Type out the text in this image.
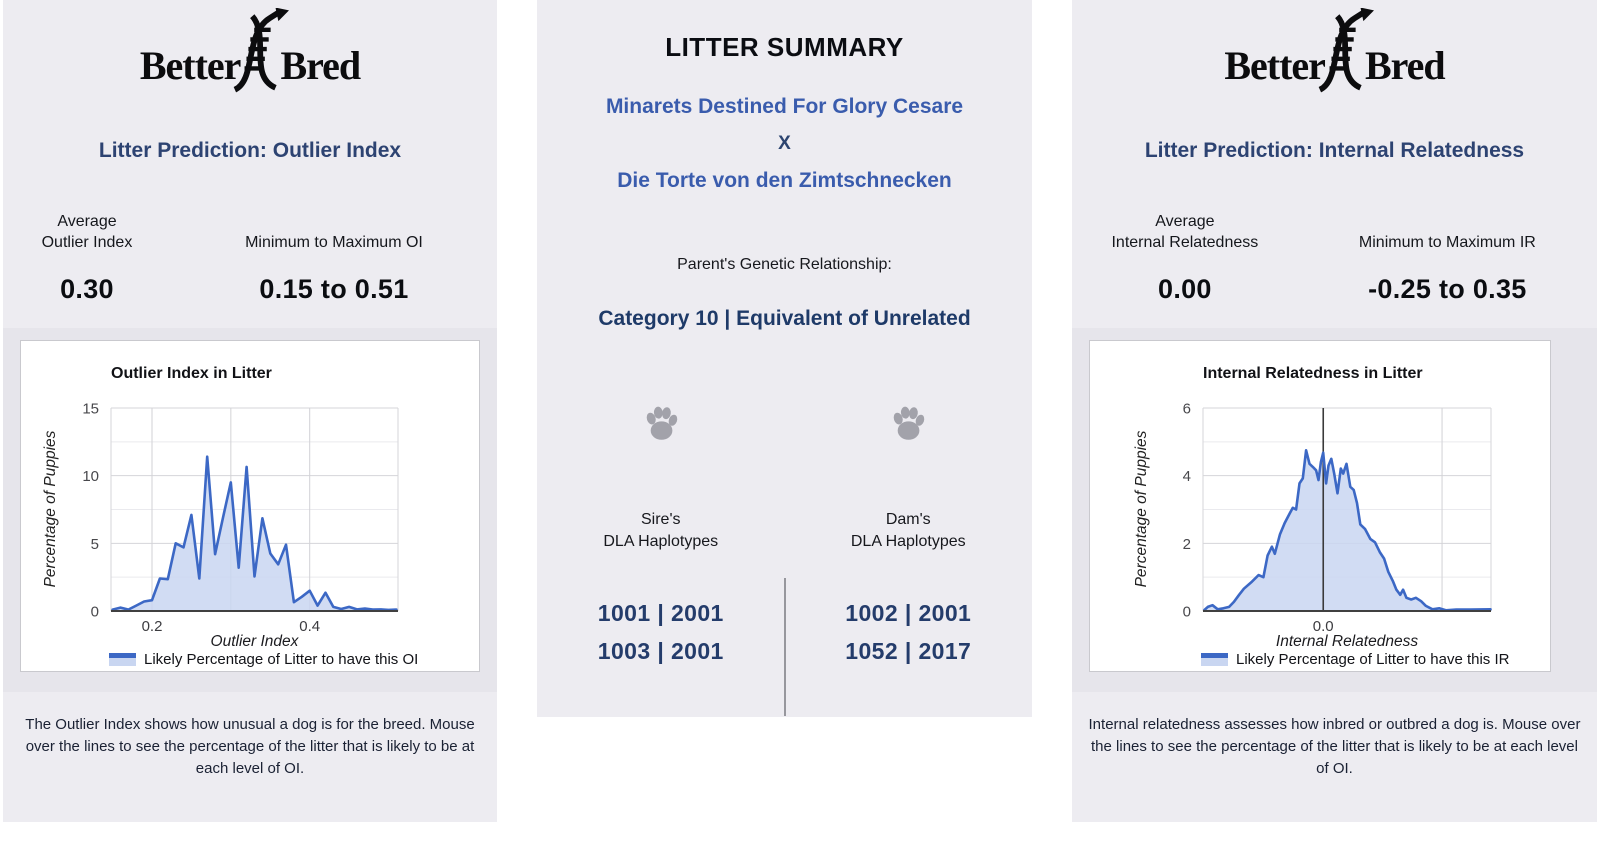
Better Bred
Litter Prediction: Outlier Index
Average
Outlier Index
0.30
Minimum to Maximum OI
0.15 to 0.51
Outlier Index in Litter
Percentage of Puppies
0
5
10
15
0.2	0.4
Outlier Index
Likely Percentage of Litter to have this OI
The Outlier Index shows how unusual a dog is for the breed. Mouse over the lines to see the percentage of the litter that is likely to be at each level of OI.
LITTER SUMMARY
Minarets Destined For Glory Cesare
X
Die Torte von den Zimtschnecken
Parent's Genetic Relationship:
Category 10 | Equivalent of Unrelated
Sire's
DLA Haplotypes
Dam's
DLA Haplotypes
1001 | 2001	1002 | 2001
1003 | 2001	1052 | 2017
Better Bred
Litter Prediction: Internal Relatedness
Average
Internal Relatedness
0.00
Minimum to Maximum IR
-0.25 to 0.35
Internal Relatedness in Litter
Percentage of Puppies
0
2
4
6
0.0
Internal Relatedness
Likely Percentage of Litter to have this IR
Internal relatedness assesses how inbred or outbred a dog is. Mouse over the lines to see the percentage of the litter that is likely to be at each level of OI.
